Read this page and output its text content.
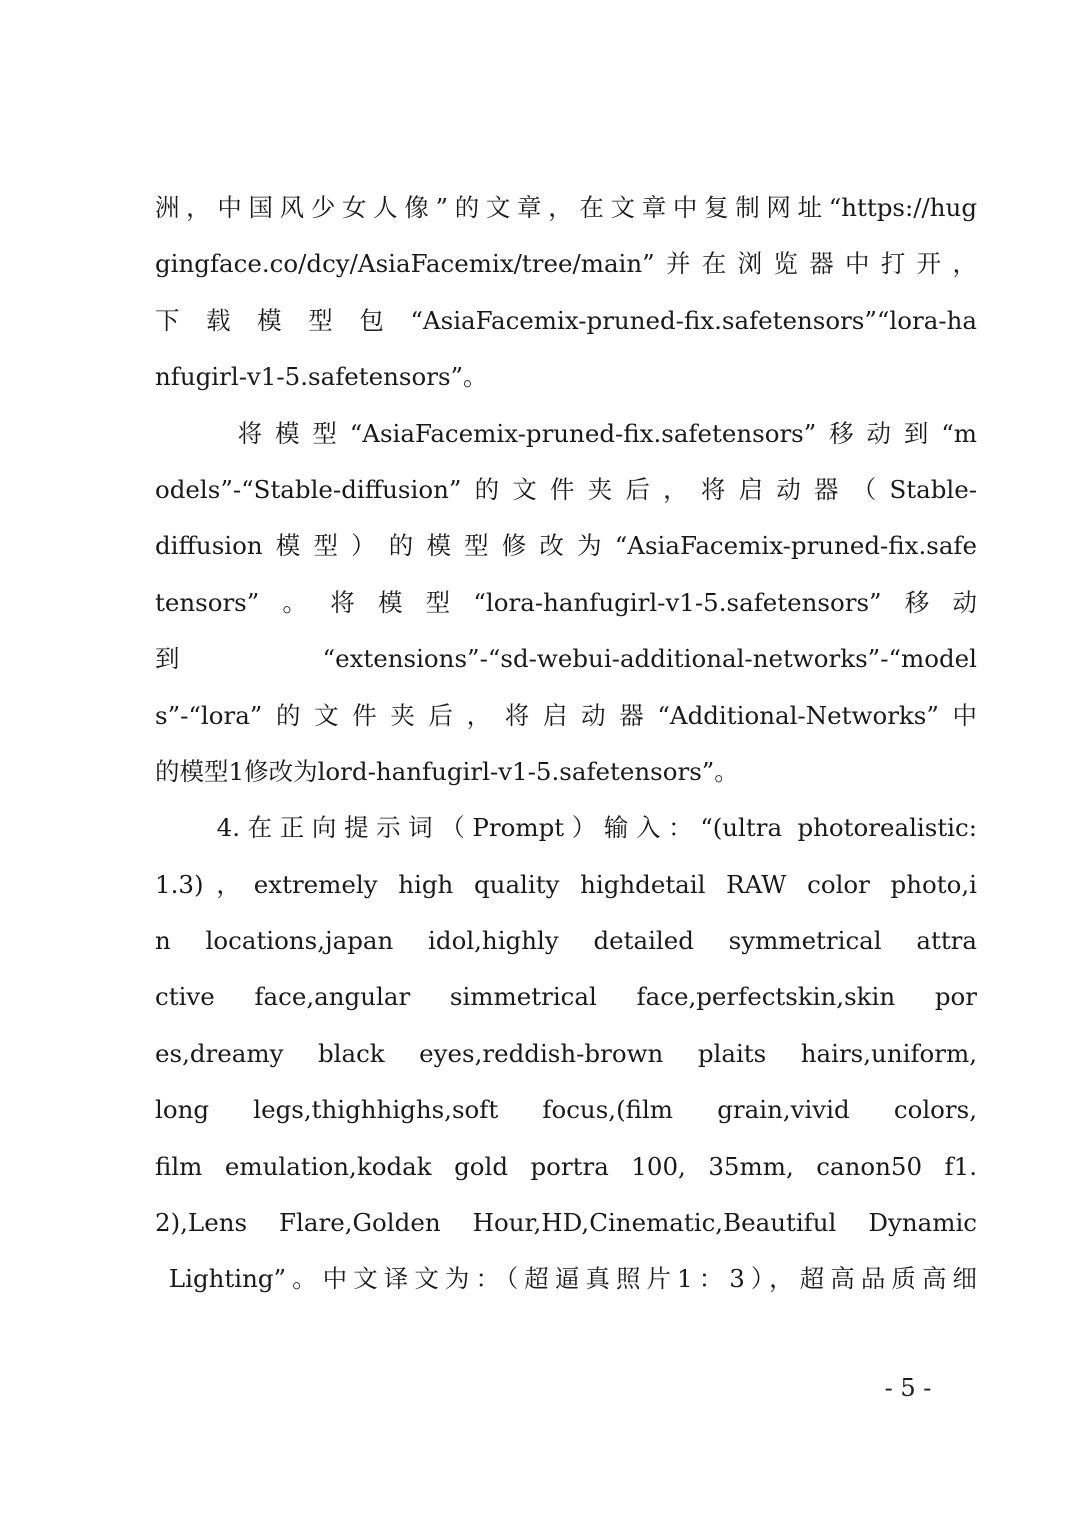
洲，中国风少女人像”的文章，在文章中复制网址“https://hug
gingface.co/dcy/AsiaFacemix/tree/main”并在浏览器中打开，
下载模型包“AsiaFacemix-pruned-fix.safetensors”“lora-ha
nfugirl-v1-5.safetensors”。
将模型“AsiaFacemix-pruned-fix.safetensors”移动到“m
odels”-“Stable-diffusion”的文件夹后，将启动器（Stable-
diffusion模型）的模型修改为“AsiaFacemix-pruned-fix.safe
tensors”。将模型“lora-hanfugirl-v1-5.safetensors”移动
到“extensions”-“sd-webui-additional-networks”-“model
s”-“lora”的文件夹后，将启动器“Additional-Networks”中
的模型1修改为lord-hanfugirl-v1-5.safetensors”。
4.在正向提示词（Prompt）输入：“(ultra photorealistic:
1.3)，extremely high quality highdetail RAW color photo,i
n locations,japan idol,highly detailed symmetrical attra
ctive face,angular simmetrical face,perfectskin,skin por
es,dreamy black eyes,reddish-brown plaits hairs,uniform,
long legs,thighhighs,soft focus,(film grain,vivid colors,
film emulation,kodak gold portra 100, 35mm, canon50 f1.
2),Lens Flare,Golden Hour,HD,Cinematic,Beautiful Dynamic
Lighting”。中文译文为：（超逼真照片1：3），超高品质高细
- 5 -
